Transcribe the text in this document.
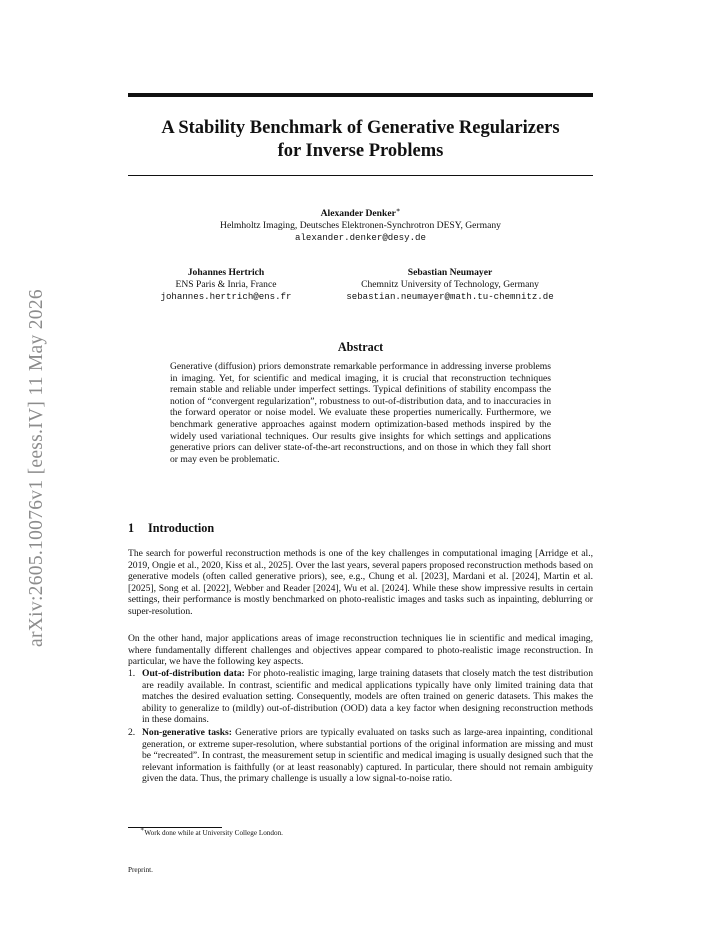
arXiv:2605.10076v1 [eess.IV] 11 May 2026
A Stability Benchmark of Generative Regularizers
for Inverse Problems
Alexander Denker∗
Helmholtz Imaging, Deutsches Elektronen-Synchrotron DESY, Germany
alexander.denker@desy.de
Johannes Hertrich
ENS Paris & Inria, France
johannes.hertrich@ens.fr
Sebastian Neumayer
Chemnitz University of Technology, Germany
sebastian.neumayer@math.tu-chemnitz.de
Abstract
Generative (diffusion) priors demonstrate remarkable performance in addressing inverse problems in imaging. Yet, for scientific and medical imaging, it is crucial that reconstruction techniques remain stable and reliable under imperfect settings. Typical definitions of stability encompass the notion of “convergent regularization”, robustness to out-of-distribution data, and to inaccuracies in the forward operator or noise model. We evaluate these properties numerically. Furthermore, we benchmark generative approaches against modern optimization-based methods inspired by the widely used variational techniques. Our results give insights for which settings and applications generative priors can deliver state-of-the-art reconstructions, and on those in which they fall short or may even be problematic.
1 Introduction
The search for powerful reconstruction methods is one of the key challenges in computational imaging [Arridge et al., 2019, Ongie et al., 2020, Kiss et al., 2025]. Over the last years, several papers proposed reconstruction methods based on generative models (often called generative priors), see, e.g., Chung et al. [2023], Mardani et al. [2024], Martin et al. [2025], Song et al. [2022], Webber and Reader [2024], Wu et al. [2024]. While these show impressive results in certain settings, their performance is mostly benchmarked on photo-realistic images and tasks such as inpainting, deblurring or super-resolution.
On the other hand, major applications areas of image reconstruction techniques lie in scientific and medical imaging, where fundamentally different challenges and objectives appear compared to photo-realistic image reconstruction. In particular, we have the following key aspects.
1. Out-of-distribution data: For photo-realistic imaging, large training datasets that closely match the test distribution are readily available. In contrast, scientific and medical applications typically have only limited training data that matches the desired evaluation setting. Consequently, models are often trained on generic datasets. This makes the ability to generalize to (mildly) out-of-distribution (OOD) data a key factor when designing reconstruction methods in these domains.
2. Non-generative tasks: Generative priors are typically evaluated on tasks such as large-area inpainting, conditional generation, or extreme super-resolution, where substantial portions of the original information are missing and must be “recreated”. In contrast, the measurement setup in scientific and medical imaging is usually designed such that the relevant information is faithfully (or at least reasonably) captured. In particular, there should not remain ambiguity given the data. Thus, the primary challenge is usually a low signal-to-noise ratio.
∗Work done while at University College London.
Preprint.
